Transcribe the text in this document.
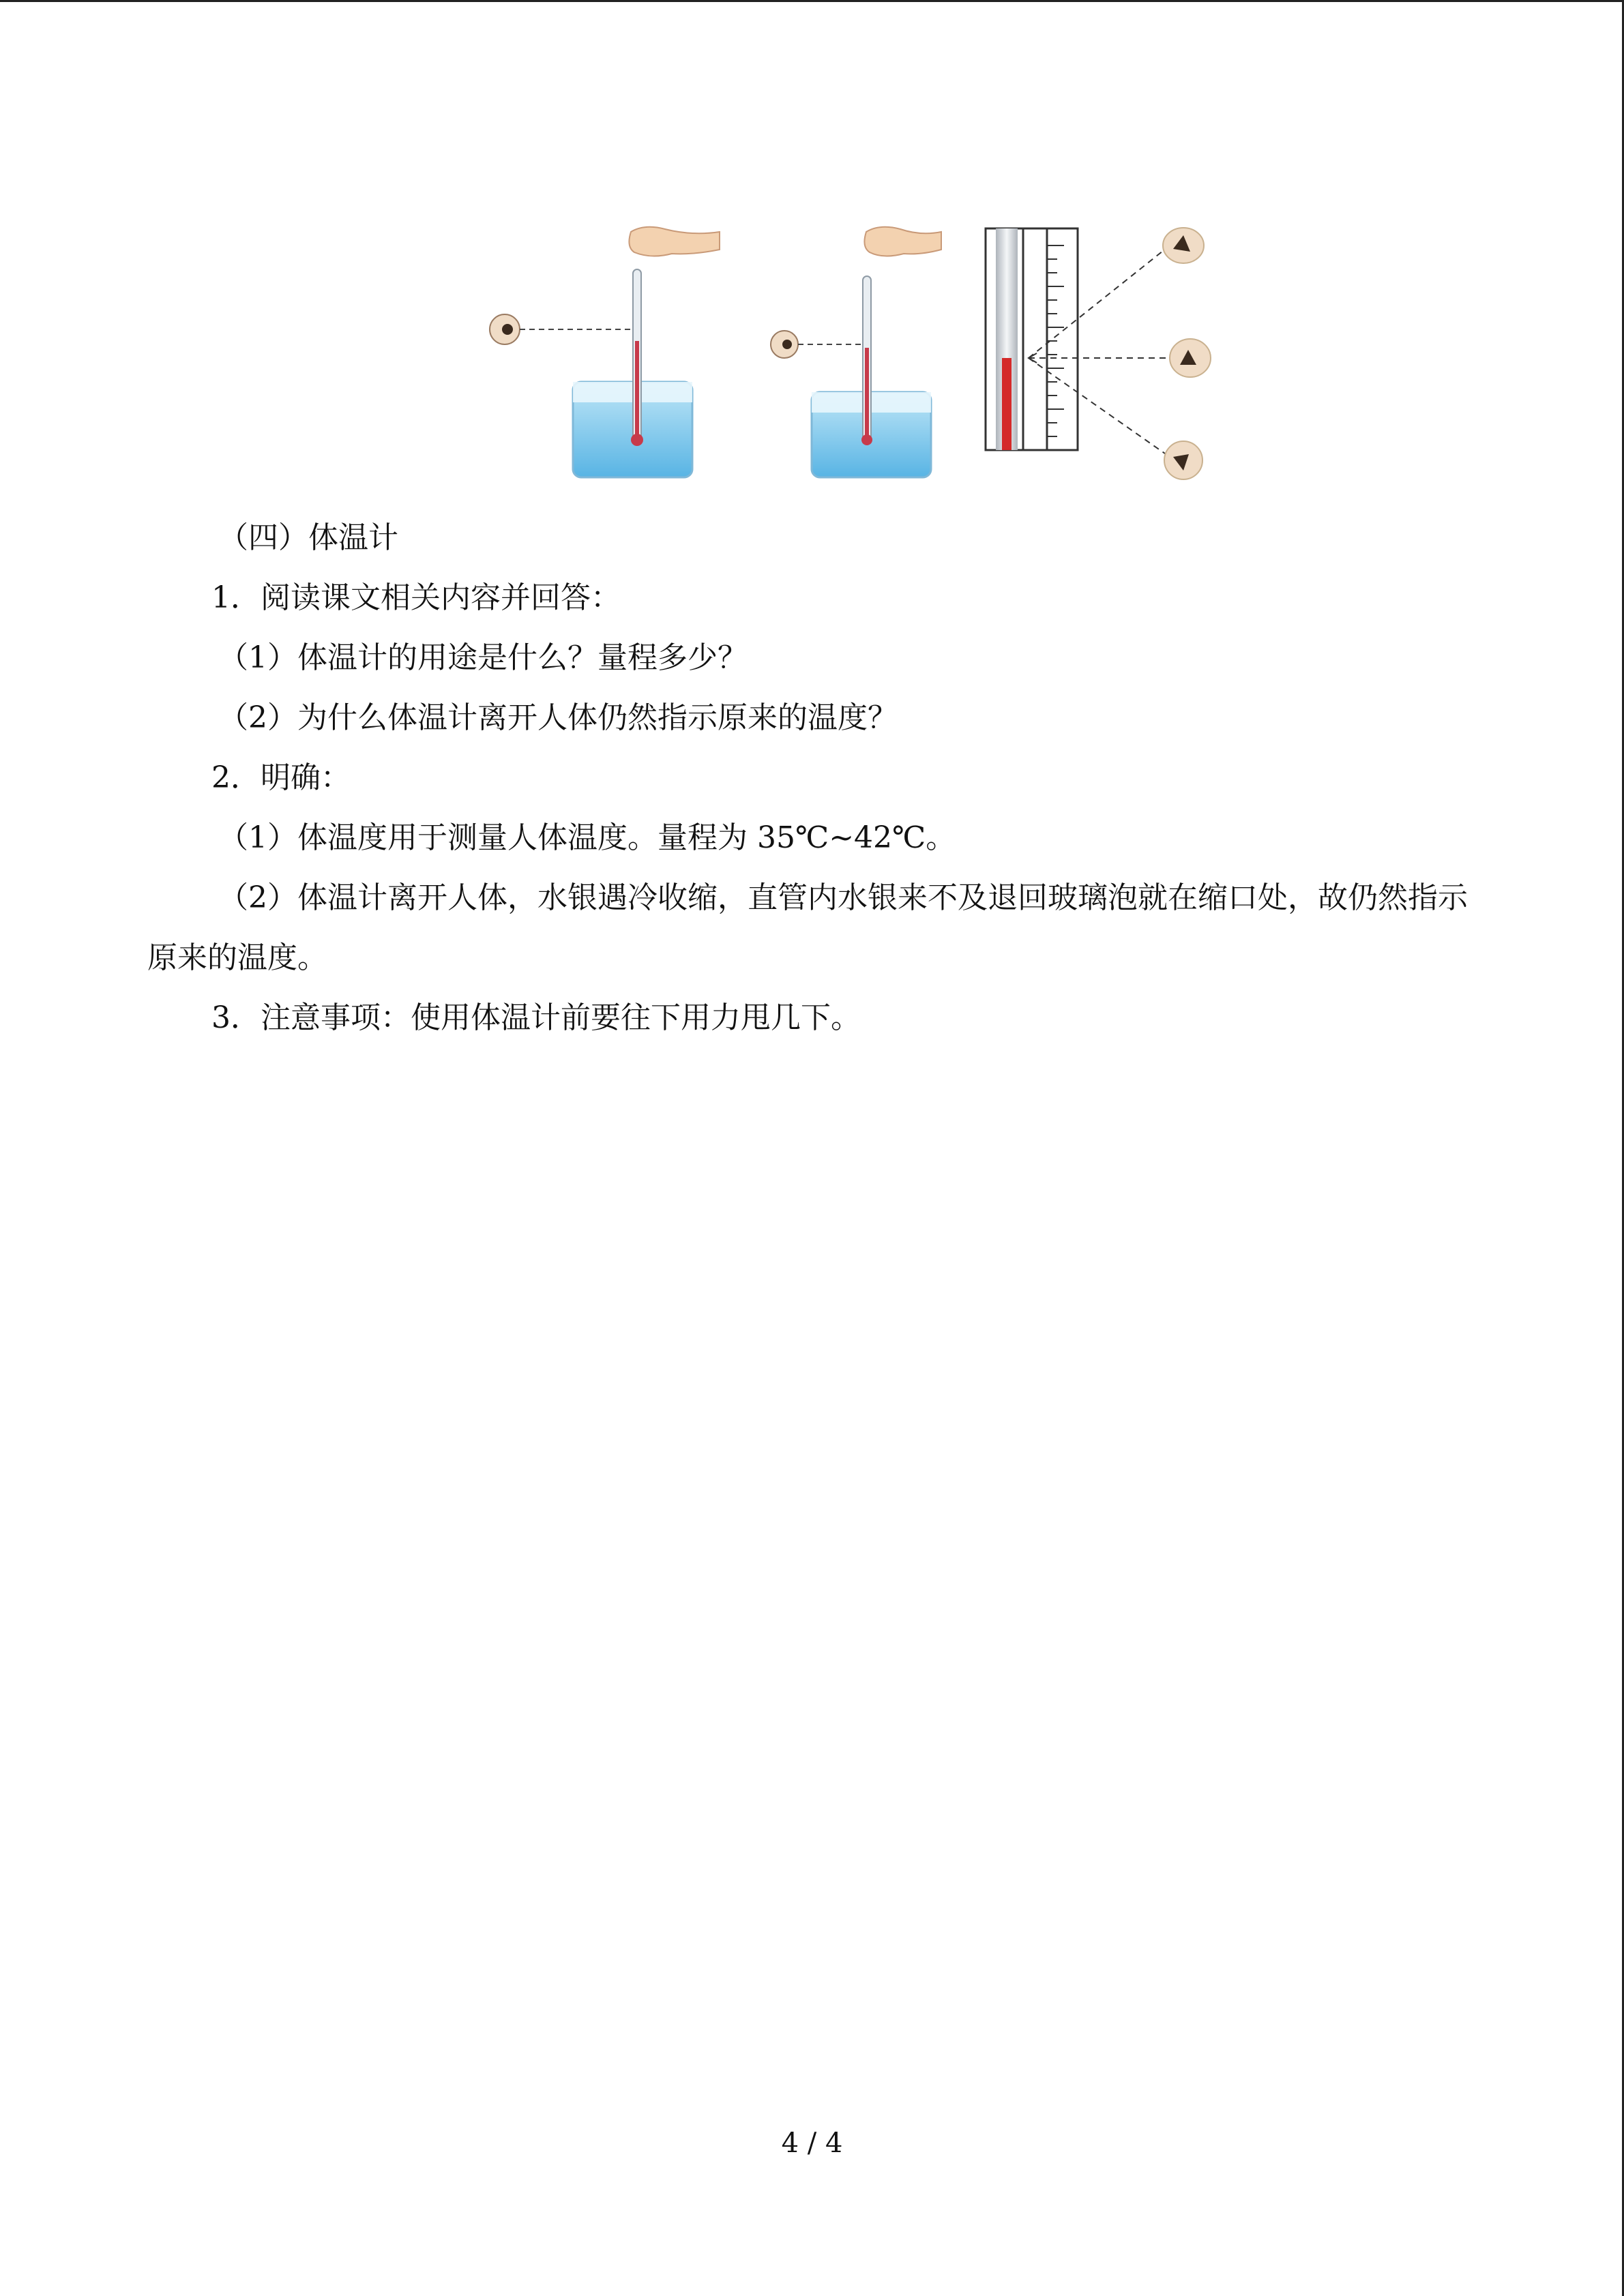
（四）体温计
1．阅读课文相关内容并回答：
（1）体温计的用途是什么？量程多少？
（2）为什么体温计离开人体仍然指示原来的温度？
2．明确：
（1）体温度用于测量人体温度。量程为 35℃~42℃。
（2）体温计离开人体，水银遇冷收缩，直管内水银来不及退回玻璃泡就在缩口处，故仍然指示原来的温度。
3．注意事项：使用体温计前要往下用力甩几下。
4 / 4
